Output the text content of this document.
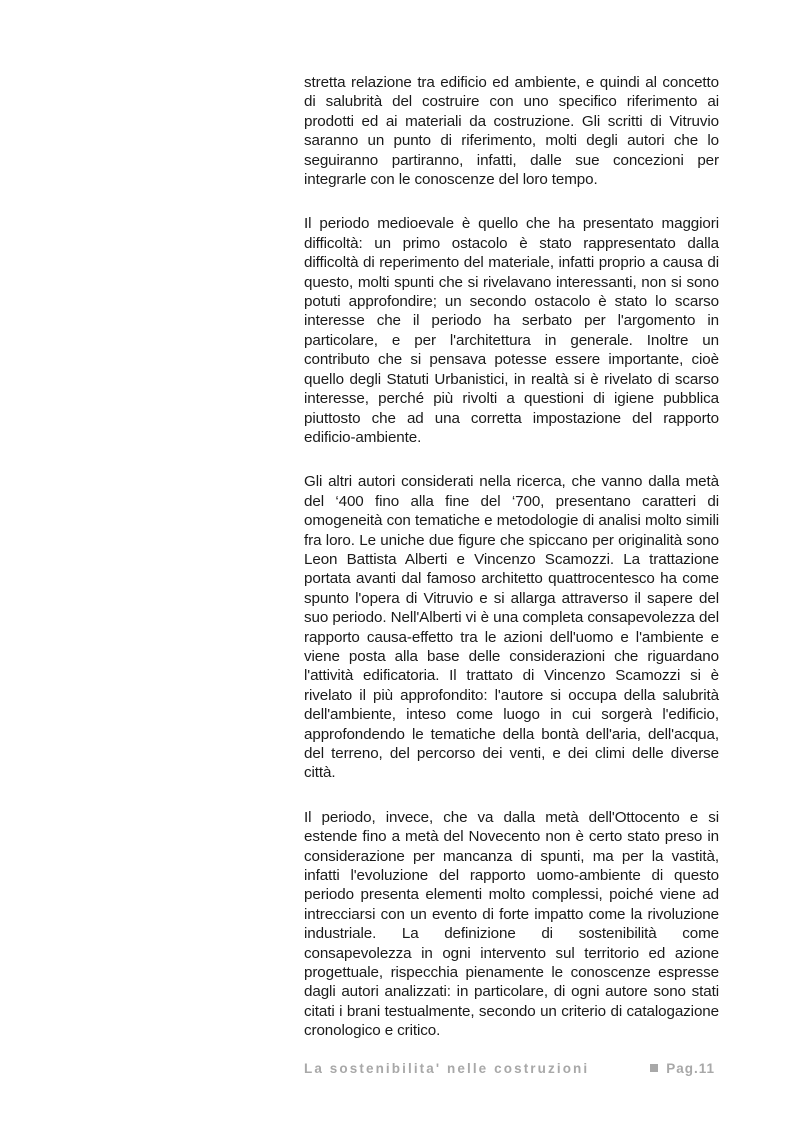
stretta relazione tra edificio ed ambiente, e quindi al concetto di salubrità del costruire con uno specifico riferimento ai prodotti ed ai materiali da costruzione. Gli scritti di Vitruvio saranno un punto di riferimento, molti degli autori che lo seguiranno partiranno, infatti, dalle sue concezioni per integrarle con le conoscenze del loro tempo.

Il periodo medioevale è quello che ha presentato maggiori difficoltà: un primo ostacolo è stato rappresentato dalla difficoltà di reperimento del materiale, infatti proprio a causa di questo, molti spunti che si rivelavano interessanti, non si sono potuti approfondire; un secondo ostacolo è stato lo scarso interesse che il periodo ha serbato per l'argomento in particolare, e per l'architettura in generale. Inoltre un contributo che si pensava potesse essere importante, cioè quello degli Statuti Urbanistici, in realtà si è rivelato di scarso interesse, perché più rivolti a questioni di igiene pubblica piuttosto che ad una corretta impostazione del rapporto edificio-ambiente.

Gli altri autori considerati nella ricerca, che vanno dalla metà del ‘400 fino alla fine del ‘700, presentano caratteri di omogeneità con tematiche e metodologie di analisi molto simili fra loro. Le uniche due figure che spiccano per originalità sono Leon Battista Alberti e Vincenzo Scamozzi. La trattazione portata avanti dal famoso architetto quattrocentesco ha come spunto l'opera di Vitruvio e si allarga attraverso il sapere del suo periodo. Nell'Alberti vi è una completa consapevolezza del rapporto causa-effetto tra le azioni dell'uomo e l'ambiente e viene posta alla base delle considerazioni che riguardano l'attività edificatoria. Il trattato di Vincenzo Scamozzi si è rivelato il più approfondito: l'autore si occupa della salubrità dell'ambiente, inteso come luogo in cui sorgerà l'edificio, approfondendo le tematiche della bontà dell'aria, dell'acqua, del terreno, del percorso dei venti, e dei climi delle diverse città.

Il periodo, invece, che va dalla metà dell'Ottocento e si estende fino a metà del Novecento non è certo stato preso in considerazione per mancanza di spunti, ma per la vastità, infatti l'evoluzione del rapporto uomo-ambiente di questo periodo presenta elementi molto complessi, poiché viene ad intrecciarsi con un evento di forte impatto come la rivoluzione industriale. La definizione di sostenibilità come consapevolezza in ogni intervento sul territorio ed azione progettuale, rispecchia pienamente le conoscenze espresse dagli autori analizzati: in particolare, di ogni autore sono stati citati i brani testualmente, secondo un criterio di catalogazione cronologico e critico.

La sostenibilita' nelle costruzioni	Pag.11
